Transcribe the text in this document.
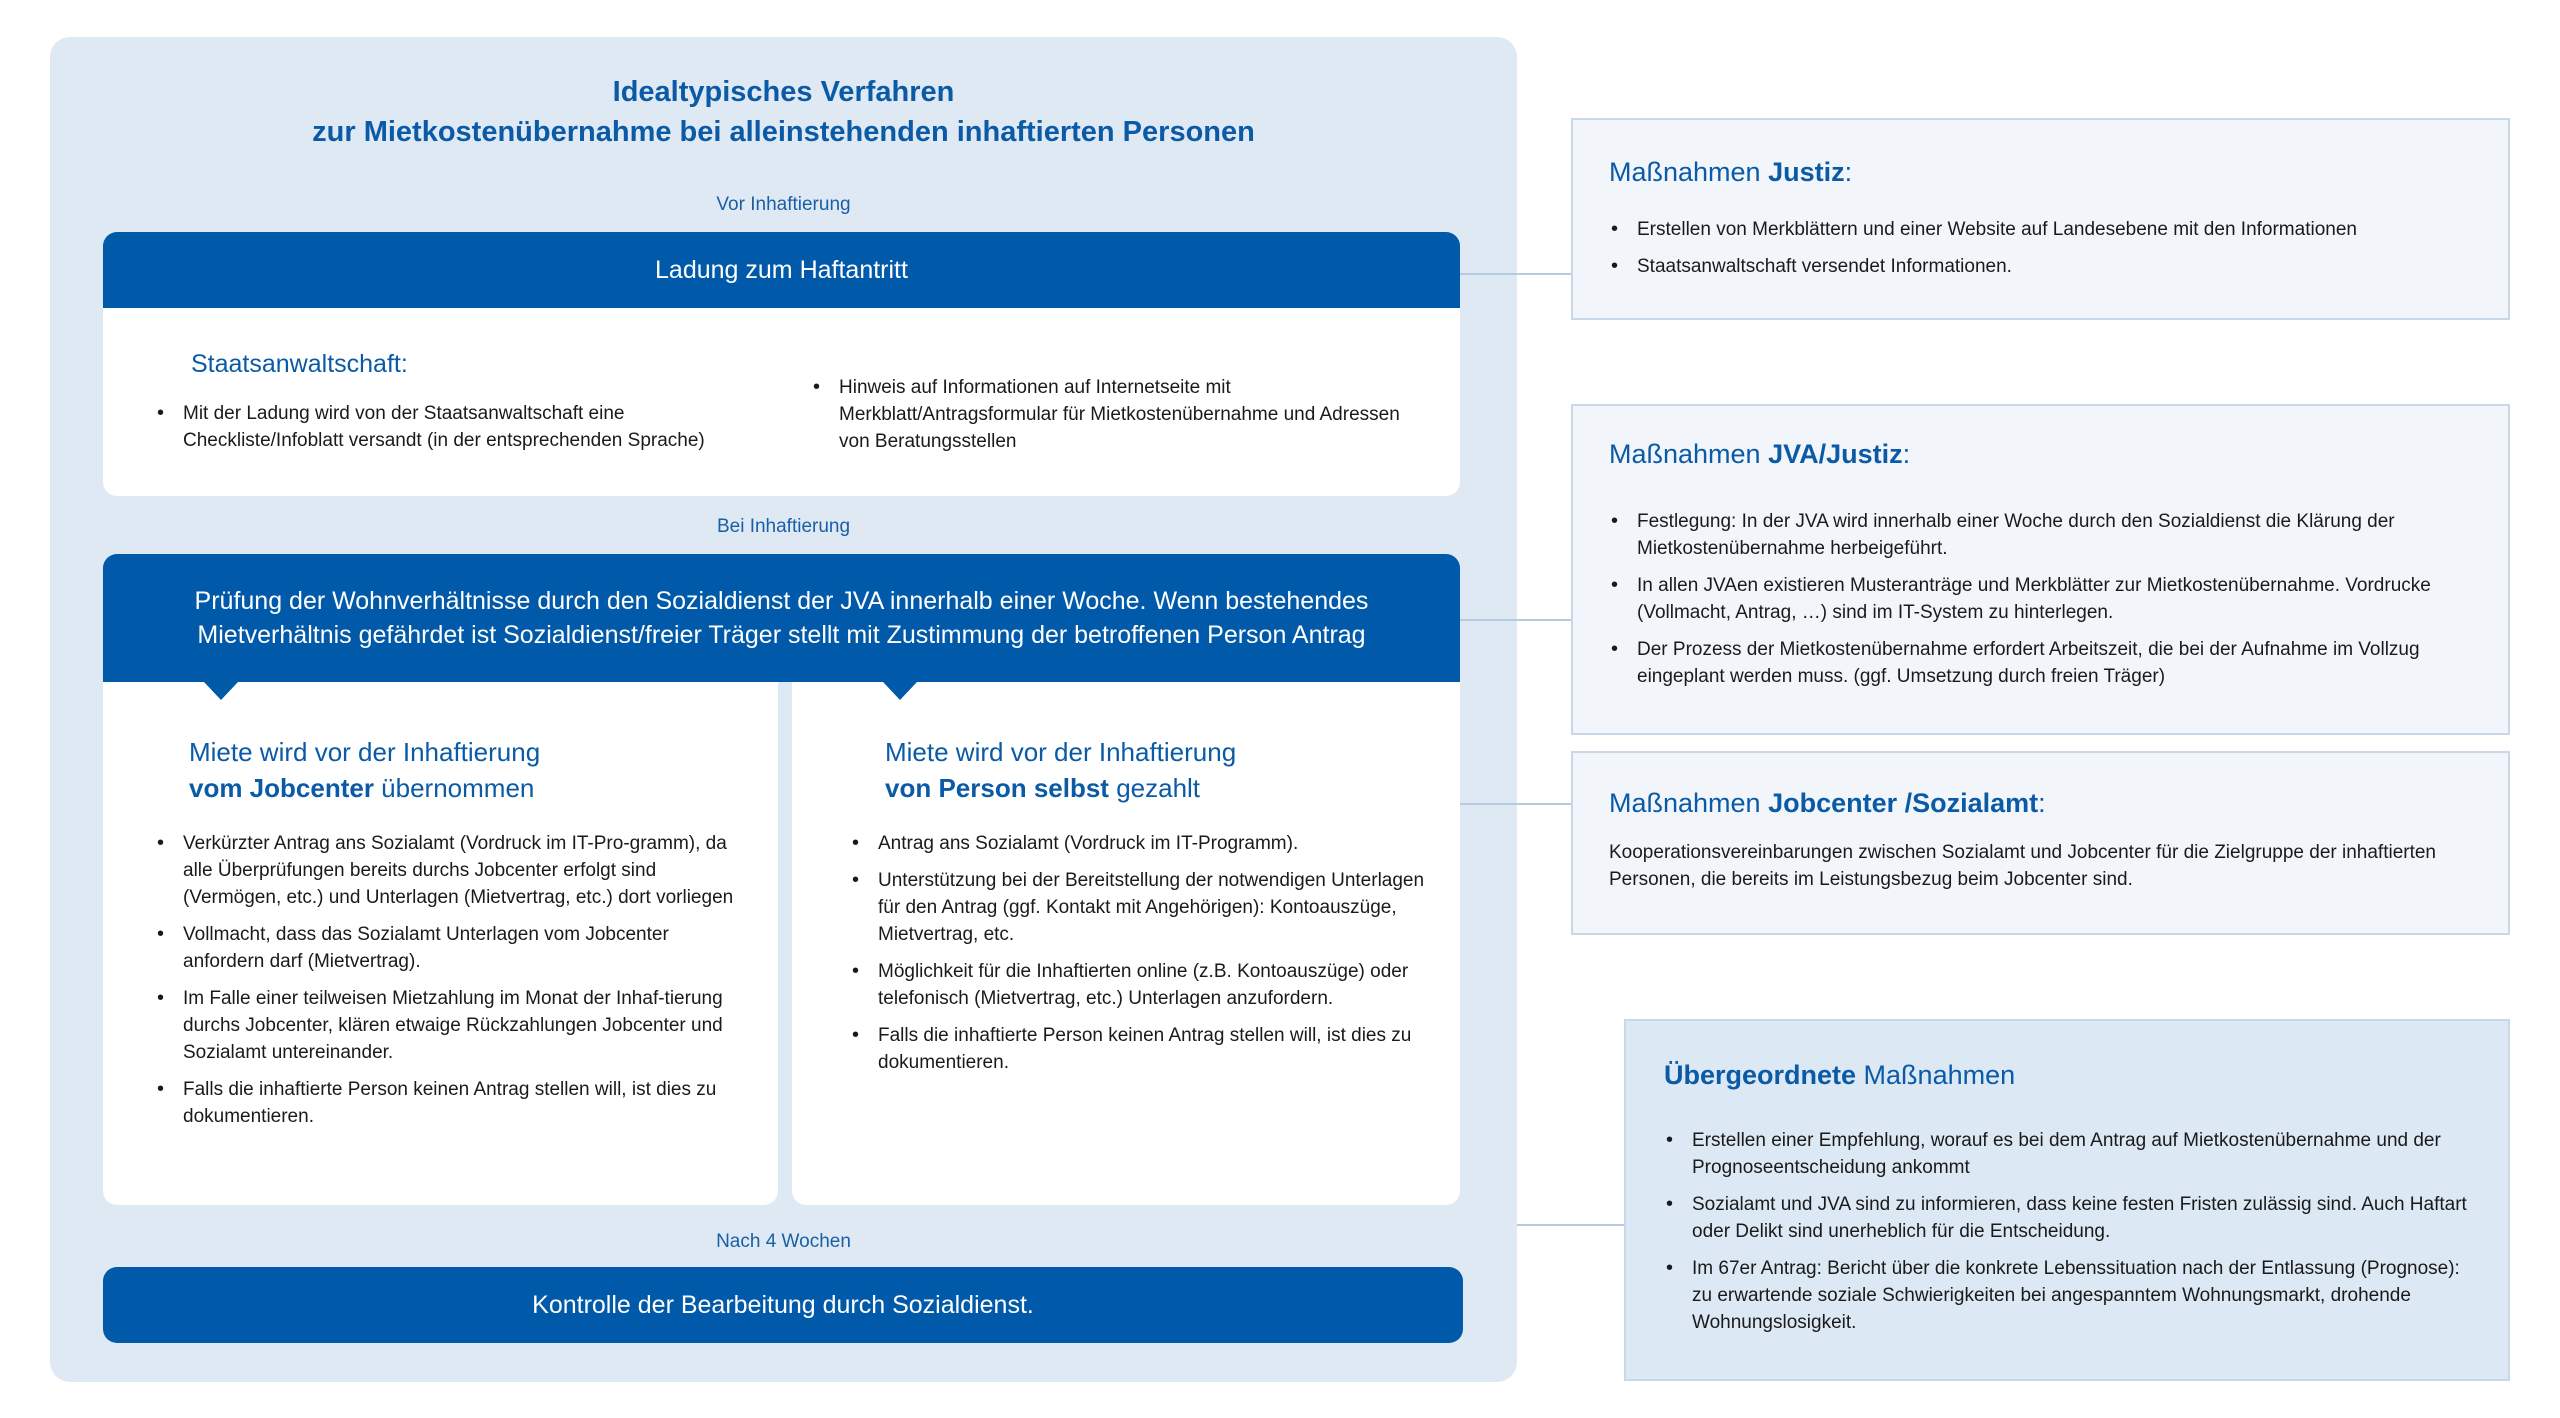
Idealtypisches Verfahren
zur Mietkostenübernahme bei alleinstehenden inhaftierten Personen
Vor Inhaftierung
Ladung zum Haftantritt
Staatsanwaltschaft:
• Mit der Ladung wird von der Staatsanwaltschaft eine Checkliste/Infoblatt versandt (in der entsprechenden Sprache)
• Hinweis auf Informationen auf Internetseite mit Merkblatt/Antragsformular für Mietkostenübernahme und Adressen von Beratungsstellen
Bei Inhaftierung
Prüfung der Wohnverhältnisse durch den Sozialdienst der JVA innerhalb einer Woche. Wenn bestehendes
Mietverhältnis gefährdet ist Sozialdienst/freier Träger stellt mit Zustimmung der betroffenen Person Antrag
Miete wird vor der Inhaftierung
vom Jobcenter übernommen
• Verkürzter Antrag ans Sozialamt (Vordruck im IT-Pro-gramm), da alle Überprüfungen bereits durchs Jobcenter erfolgt sind (Vermögen, etc.) und Unterlagen (Mietvertrag, etc.) dort vorliegen
• Vollmacht, dass das Sozialamt Unterlagen vom Jobcenter anfordern darf (Mietvertrag).
• Im Falle einer teilweisen Mietzahlung im Monat der Inhaf-tierung durchs Jobcenter, klären etwaige Rückzahlungen Jobcenter und Sozialamt untereinander.
• Falls die inhaftierte Person keinen Antrag stellen will, ist dies zu dokumentieren.
Miete wird vor der Inhaftierung
von Person selbst gezahlt
• Antrag ans Sozialamt (Vordruck im IT-Programm).
• Unterstützung bei der Bereitstellung der notwendigen Unterlagen für den Antrag (ggf. Kontakt mit Angehörigen): Kontoauszüge, Mietvertrag, etc.
• Möglichkeit für die Inhaftierten online (z.B. Kontoauszüge) oder telefonisch (Mietvertrag, etc.) Unterlagen anzufordern.
• Falls die inhaftierte Person keinen Antrag stellen will, ist dies zu dokumentieren.
Nach 4 Wochen
Kontrolle der Bearbeitung durch Sozialdienst.
Maßnahmen Justiz:
• Erstellen von Merkblättern und einer Website auf Landesebene mit den Informationen
• Staatsanwaltschaft versendet Informationen.
Maßnahmen JVA/Justiz:
• Festlegung: In der JVA wird innerhalb einer Woche durch den Sozialdienst die Klärung der Mietkostenübernahme herbeigeführt.
• In allen JVAen existieren Musteranträge und Merkblätter zur Mietkostenübernahme. Vordrucke (Vollmacht, Antrag, …) sind im IT-System zu hinterlegen.
• Der Prozess der Mietkostenübernahme erfordert Arbeitszeit, die bei der Aufnahme im Vollzug eingeplant werden muss. (ggf. Umsetzung durch freien Träger)
Maßnahmen Jobcenter /Sozialamt:
Kooperationsvereinbarungen zwischen Sozialamt und Jobcenter für die Zielgruppe der inhaftierten Personen, die bereits im Leistungsbezug beim Jobcenter sind.
Übergeordnete Maßnahmen
• Erstellen einer Empfehlung, worauf es bei dem Antrag auf Mietkostenübernahme und der Prognoseentscheidung ankommt
• Sozialamt und JVA sind zu informieren, dass keine festen Fristen zulässig sind. Auch Haftart oder Delikt sind unerheblich für die Entscheidung.
• Im 67er Antrag: Bericht über die konkrete Lebenssituation nach der Entlassung (Prognose): zu erwartende soziale Schwierigkeiten bei angespanntem Wohnungsmarkt, drohende Wohnungslosigkeit.
